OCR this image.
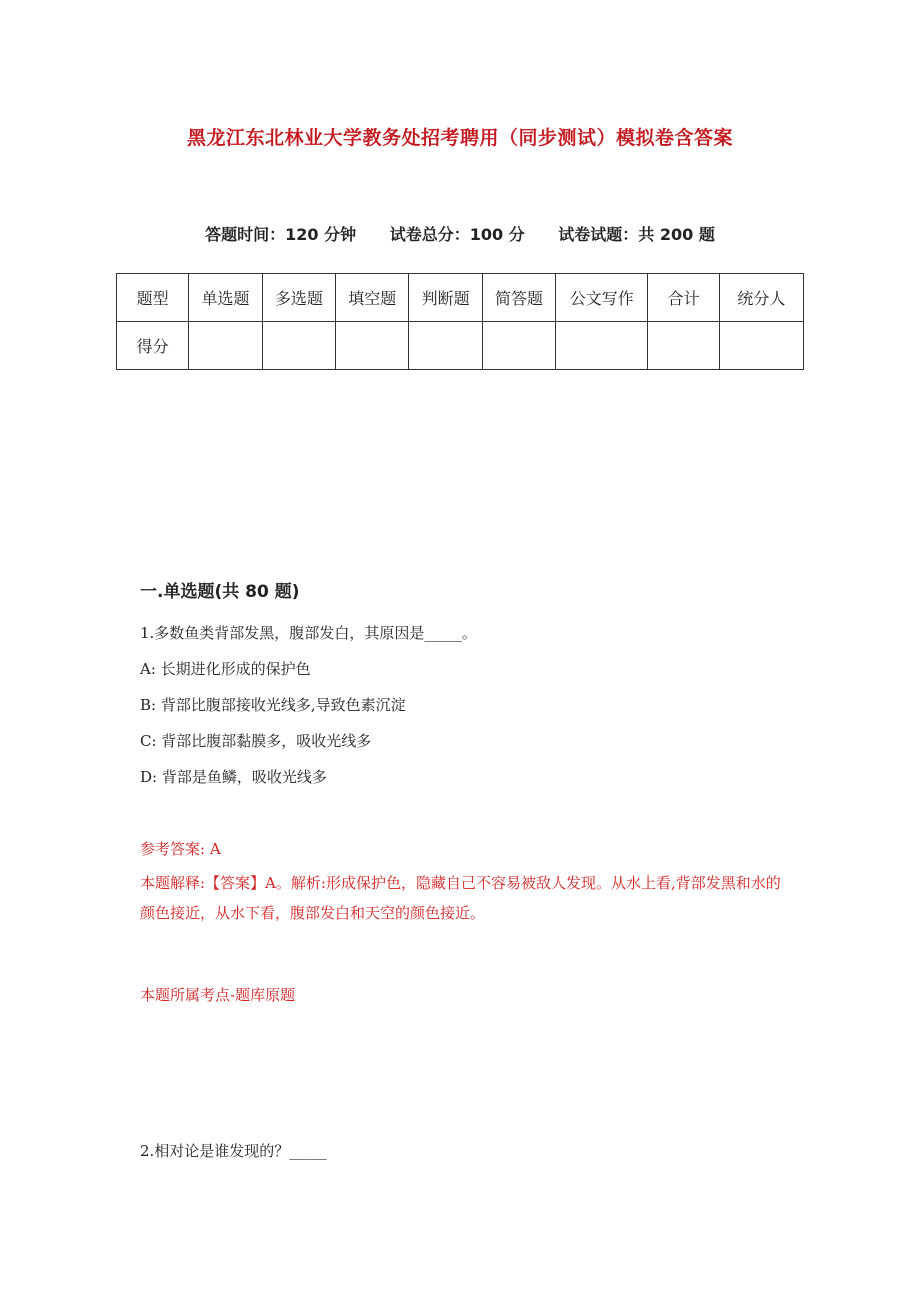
黑龙江东北林业大学教务处招考聘用（同步测试）模拟卷含答案
答题时间：120 分钟 试卷总分：100 分 试卷试题：共 200 题
题型	单选题	多选题	填空题	判断题	简答题	公文写作	合计	统分人
得分								
一.单选题(共 80 题)
1.多数鱼类背部发黑，腹部发白，其原因是_____。
A: 长期进化形成的保护色
B: 背部比腹部接收光线多,导致色素沉淀
C: 背部比腹部黏膜多，吸收光线多
D: 背部是鱼鳞，吸收光线多
参考答案: A
本题解释:【答案】A。解析:形成保护色，隐藏自己不容易被敌人发现。从水上看,背部发黑和水的颜色接近，从水下看，腹部发白和天空的颜色接近。
本题所属考点-题库原题
2.相对论是谁发现的？_____
